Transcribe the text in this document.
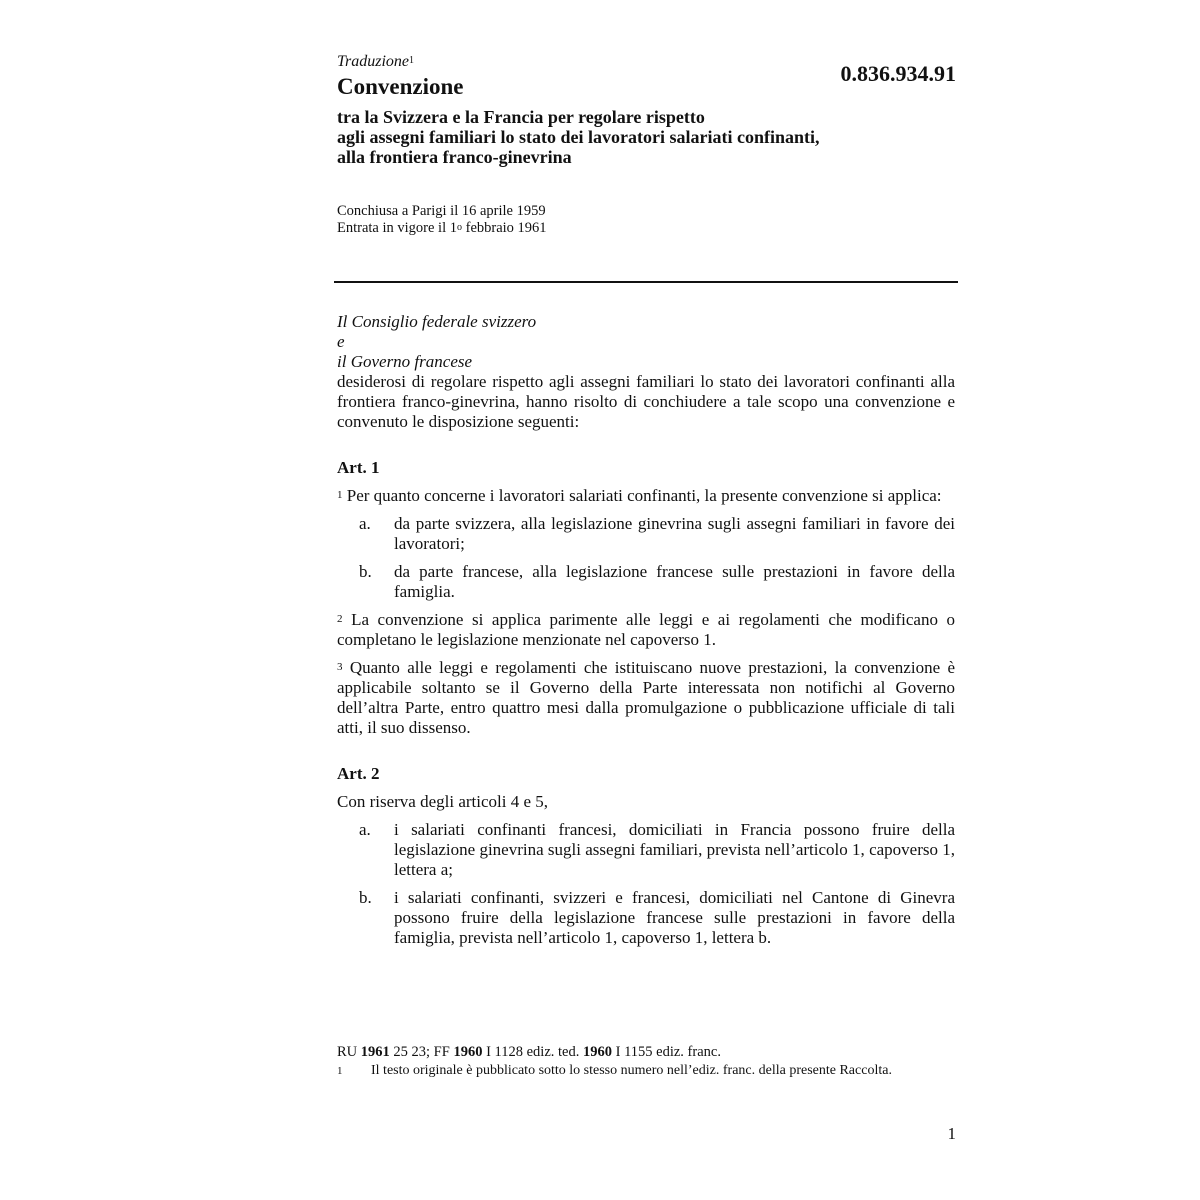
Traduzione$^1$
Convenzione
0.836.934.91
tra la Svizzera e la Francia per regolare rispetto
agli assegni familiari lo stato dei lavoratori salariati confinanti,
alla frontiera franco-ginevrina
Conchiusa a Parigi il 16 aprile 1959
Entrata in vigore il 1$^o$ febbraio 1961
Il Consiglio federale svizzero
e
il Governo francese

desiderosi di regolare rispetto agli assegni familiari lo stato dei lavoratori confinanti alla frontiera franco-ginevrina, hanno risolto di conchiudere a tale scopo una convenzione e convenuto le disposizione seguenti:

Art. 1

$^1$ Per quanto concerne i lavoratori salariati confinanti, la presente convenzione si applica:

a.	da parte svizzera, alla legislazione ginevrina sugli assegni familiari in favore dei lavoratori;
b.	da parte francese, alla legislazione francese sulle prestazioni in favore della famiglia.

$^2$ La convenzione si applica parimente alle leggi e ai regolamenti che modificano o completano le legislazione menzionate nel capoverso 1.

$^3$ Quanto alle leggi e regolamenti che istituiscano nuove prestazioni, la convenzione è applicabile soltanto se il Governo della Parte interessata non notifichi al Governo dell’altra Parte, entro quattro mesi dalla promulgazione o pubblicazione ufficiale di tali atti, il suo dissenso.

Art. 2

Con riserva degli articoli 4 e 5,

a.	i salariati confinanti francesi, domiciliati in Francia possono fruire della legislazione ginevrina sugli assegni familiari, prevista nell’articolo 1, capoverso 1, lettera a;
b.	i salariati confinanti, svizzeri e francesi, domiciliati nel Cantone di Ginevra possono fruire della legislazione francese sulle prestazioni in favore della famiglia, prevista nell’articolo 1, capoverso 1, lettera b.
RU 1961 25 23; FF 1960 I 1128 ediz. ted. 1960 I 1155 ediz. franc.
1	Il testo originale è pubblicato sotto lo stesso numero nell’ediz. franc. della presente Raccolta.
1
